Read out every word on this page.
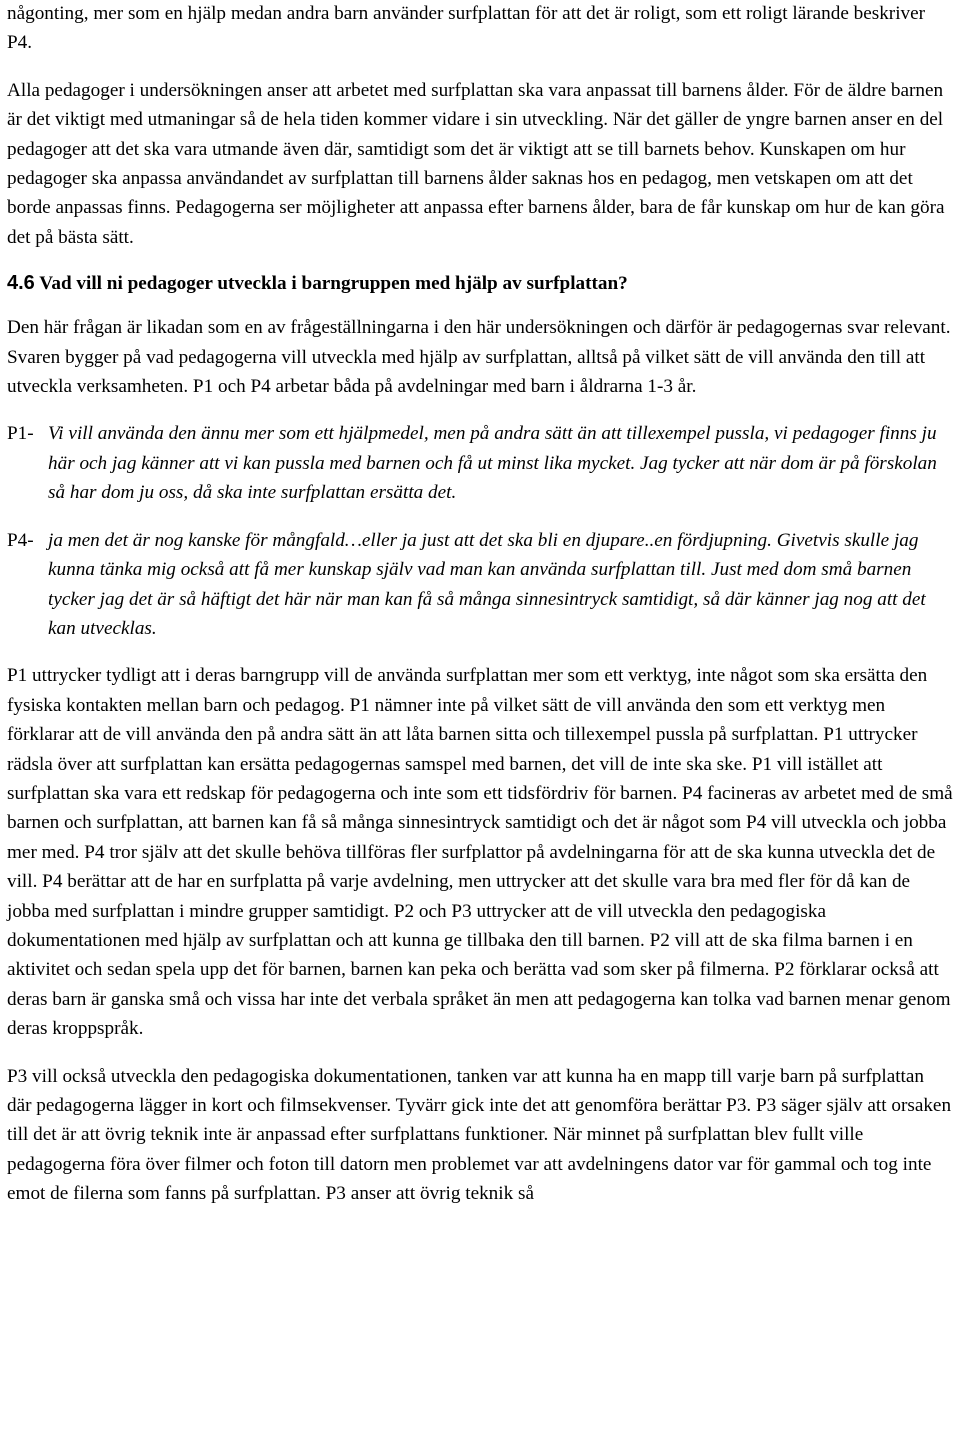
någonting, mer som en hjälp medan andra barn använder surfplattan för att det är roligt, som ett roligt lärande beskriver P4.

Alla pedagoger i undersökningen anser att arbetet med surfplattan ska vara anpassat till barnens ålder. För de äldre barnen är det viktigt med utmaningar så de hela tiden kommer vidare i sin utveckling. När det gäller de yngre barnen anser en del pedagoger att det ska vara utmande även där, samtidigt som det är viktigt att se till barnets behov. Kunskapen om hur pedagoger ska anpassa användandet av surfplattan till barnens ålder saknas hos en pedagog, men vetskapen om att det borde anpassas finns. Pedagogerna ser möjligheter att anpassa efter barnens ålder, bara de får kunskap om hur de kan göra det på bästa sätt.

4.6 Vad vill ni pedagoger utveckla i barngruppen med hjälp av surfplattan?

Den här frågan är likadan som en av frågeställningarna i den här undersökningen och därför är pedagogernas svar relevant. Svaren bygger på vad pedagogerna vill utveckla med hjälp av surfplattan, alltså på vilket sätt de vill använda den till att utveckla verksamheten. P1 och P4 arbetar båda på avdelningar med barn i åldrarna 1-3 år.

P1- Vi vill använda den ännu mer som ett hjälpmedel, men på andra sätt än att tillexempel pussla, vi pedagoger finns ju här och jag känner att vi kan pussla med barnen och få ut minst lika mycket. Jag tycker att när dom är på förskolan så har dom ju oss, då ska inte surfplattan ersätta det.

P4- ja men det är nog kanske för mångfald…eller ja just att det ska bli en djupare..en fördjupning. Givetvis skulle jag kunna tänka mig också att få mer kunskap själv vad man kan använda surfplattan till. Just med dom små barnen tycker jag det är så häftigt det här när man kan få så många sinnesintryck samtidigt, så där känner jag nog att det kan utvecklas.

P1 uttrycker tydligt att i deras barngrupp vill de använda surfplattan mer som ett verktyg, inte något som ska ersätta den fysiska kontakten mellan barn och pedagog. P1 nämner inte på vilket sätt de vill använda den som ett verktyg men förklarar att de vill använda den på andra sätt än att låta barnen sitta och tillexempel pussla på surfplattan. P1 uttrycker rädsla över att surfplattan kan ersätta pedagogernas samspel med barnen, det vill de inte ska ske. P1 vill istället att surfplattan ska vara ett redskap för pedagogerna och inte som ett tidsfördriv för barnen. P4 facineras av arbetet med de små barnen och surfplattan, att barnen kan få så många sinnesintryck samtidigt och det är något som P4 vill utveckla och jobba mer med. P4 tror själv att det skulle behöva tillföras fler surfplattor på avdelningarna för att de ska kunna utveckla det de vill. P4 berättar att de har en surfplatta på varje avdelning, men uttrycker att det skulle vara bra med fler för då kan de jobba med surfplattan i mindre grupper samtidigt. P2 och P3 uttrycker att de vill utveckla den pedagogiska dokumentationen med hjälp av surfplattan och att kunna ge tillbaka den till barnen. P2 vill att de ska filma barnen i en aktivitet och sedan spela upp det för barnen, barnen kan peka och berätta vad som sker på filmerna. P2 förklarar också att deras barn är ganska små och vissa har inte det verbala språket än men att pedagogerna kan tolka vad barnen menar genom deras kroppspråk.

P3 vill också utveckla den pedagogiska dokumentationen, tanken var att kunna ha en mapp till varje barn på surfplattan där pedagogerna lägger in kort och filmsekvenser. Tyvärr gick inte det att genomföra berättar P3. P3 säger själv att orsaken till det är att övrig teknik inte är anpassad efter surfplattans funktioner. När minnet på surfplattan blev fullt ville pedagogerna föra över filmer och foton till datorn men problemet var att avdelningens dator var för gammal och tog inte emot de filerna som fanns på surfplattan. P3 anser att övrig teknik så
